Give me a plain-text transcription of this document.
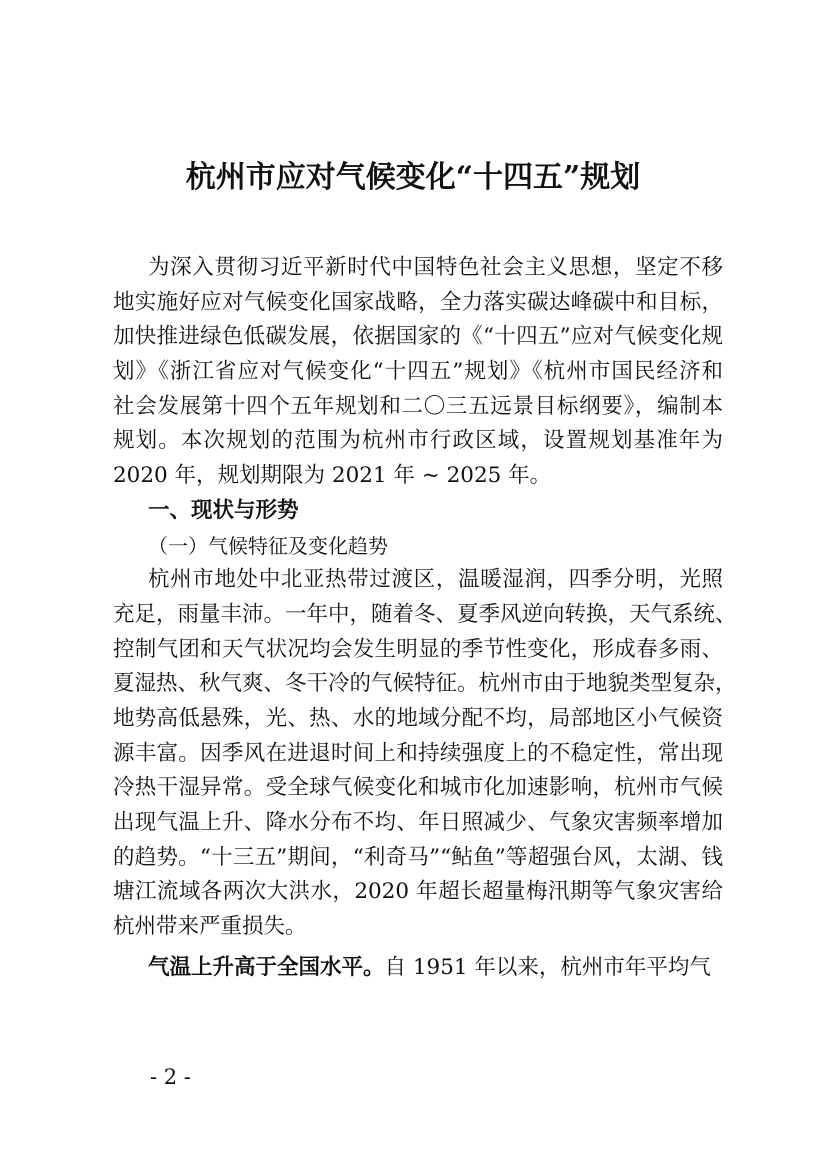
杭州市应对气候变化“十四五”规划
为深入贯彻习近平新时代中国特色社会主义思想，坚定不移
地实施好应对气候变化国家战略，全力落实碳达峰碳中和目标，
加快推进绿色低碳发展，依据国家的《“十四五”应对气候变化规
划》《浙江省应对气候变化“十四五”规划》《杭州市国民经济和
社会发展第十四个五年规划和二〇三五远景目标纲要》，编制本
规划。本次规划的范围为杭州市行政区域，设置规划基准年为
2020 年，规划期限为 2021 年 ~ 2025 年。
一、现状与形势
（一）气候特征及变化趋势
杭州市地处中北亚热带过渡区，温暖湿润，四季分明，光照
充足，雨量丰沛。一年中，随着冬、夏季风逆向转换，天气系统、
控制气团和天气状况均会发生明显的季节性变化，形成春多雨、
夏湿热、秋气爽、冬干冷的气候特征。杭州市由于地貌类型复杂，
地势高低悬殊，光、热、水的地域分配不均，局部地区小气候资
源丰富。因季风在进退时间上和持续强度上的不稳定性，常出现
冷热干湿异常。受全球气候变化和城市化加速影响，杭州市气候
出现气温上升、降水分布不均、年日照减少、气象灾害频率增加
的趋势。“十三五”期间，“利奇马”“鲇鱼”等超强台风，太湖、钱
塘江流域各两次大洪水，2020 年超长超量梅汛期等气象灾害给
杭州带来严重损失。
气温上升高于全国水平。自 1951 年以来，杭州市年平均气
- 2 -
